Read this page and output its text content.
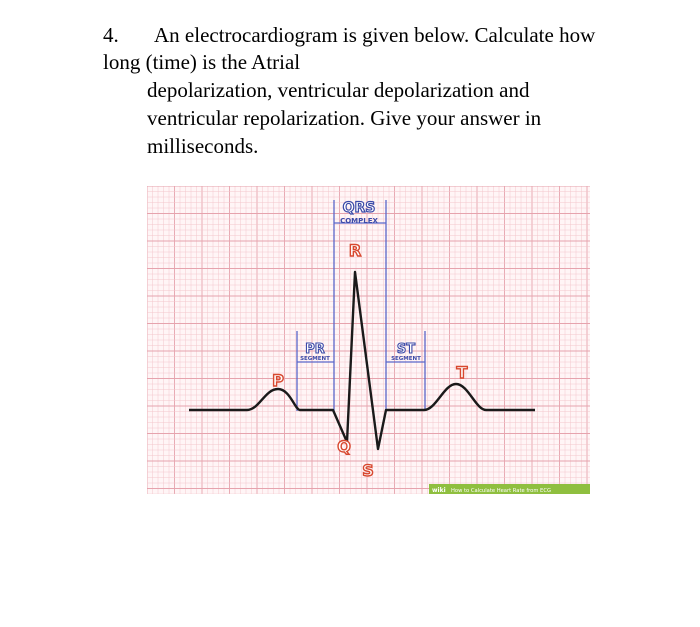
4. An electrocardiogram is given below. Calculate how
long (time) is the Atrial
depolarization, ventricular depolarization and
ventricular repolarization. Give your answer in
milliseconds.
QRS
COMPLEX
PR
SEGMENT
ST
SEGMENT
R
P	T
Q
S
wiki How to Calculate Heart Rate from ECG
